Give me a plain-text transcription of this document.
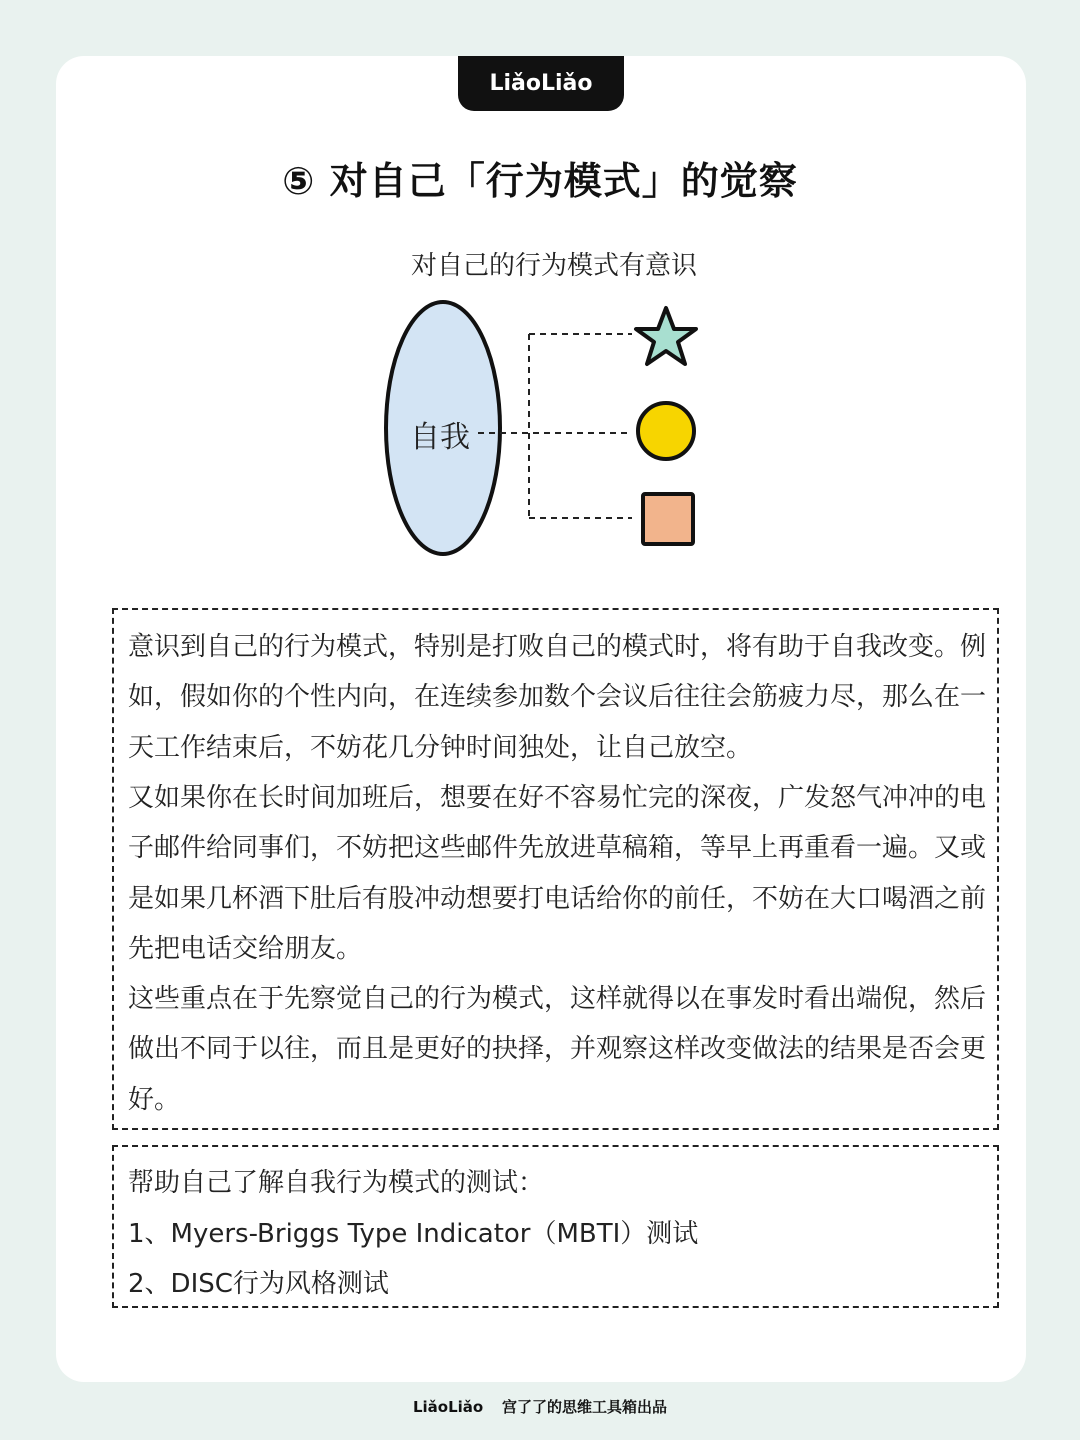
LiǎoLiǎo
⑤ 对自己「行为模式」的觉察
对自己的行为模式有意识
自我

意识到自己的行为模式，特别是打败自己的模式时，将有助于自我改变。例如，假如你的个性内向，在连续参加数个会议后往往会筋疲力尽，那么在一天工作结束后，不妨花几分钟时间独处，让自己放空。

又如果你在长时间加班后，想要在好不容易忙完的深夜，广发怒气冲冲的电子邮件给同事们，不妨把这些邮件先放进草稿箱，等早上再重看一遍。又或是如果几杯酒下肚后有股冲动想要打电话给你的前任，不妨在大口喝酒之前先把电话交给朋友。

这些重点在于先察觉自己的行为模式，这样就得以在事发时看出端倪，然后做出不同于以往，而且是更好的抉择，并观察这样改变做法的结果是否会更好。

帮助自己了解自我行为模式的测试：
1、Myers-Briggs Type Indicator（MBTI）测试
2、DISC行为风格测试
LiǎoLiǎo 宫了了的思维工具箱出品
